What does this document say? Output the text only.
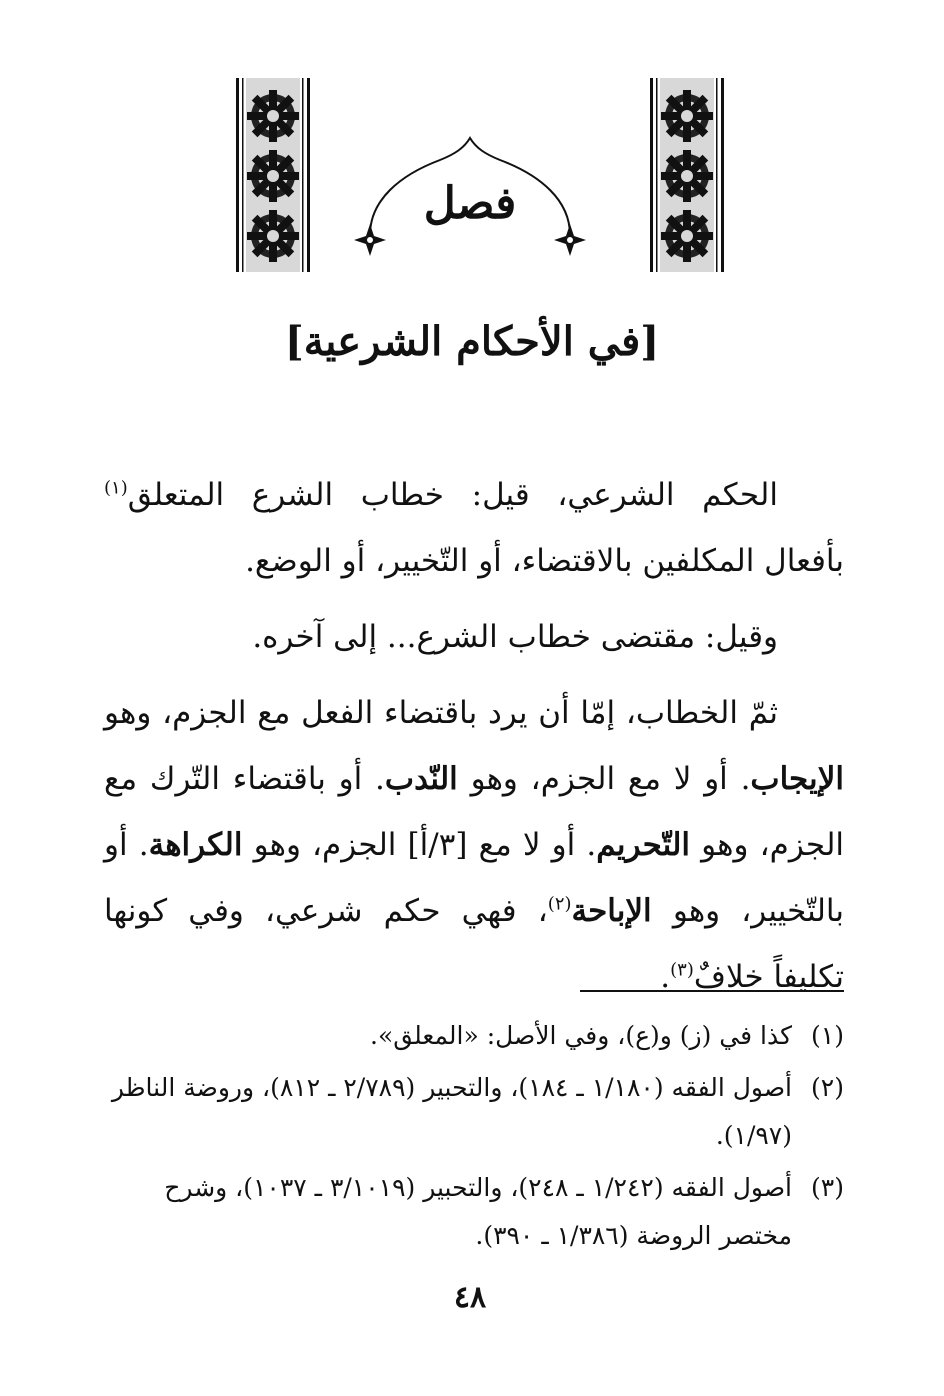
فصل
[في الأحكام الشرعية]

الحكم الشرعي، قيل: خطاب الشرع المتعلق$^{(١)}$ بأفعال المكلفين بالاقتضاء، أو التّخيير، أو الوضع.

وقيل: مقتضى خطاب الشرع... إلى آخره.

ثمّ الخطاب، إمّا أن يرد باقتضاء الفعل مع الجزم، وهو الإيجاب. أو لا مع الجزم، وهو النّدب. أو باقتضاء التّرك مع الجزم، وهو التّحريم. أو لا مع [٣/أ] الجزم، وهو الكراهة. أو بالتّخيير، وهو الإباحة$^{(٢)}$، فهي حكم شرعي، وفي كونها تكليفاً خلافٌ$^{(٣)}$.

(١)كذا في (ز) و(ع)، وفي الأصل: «المعلق».
(٢)أصول الفقه (١/١٨٠ ـ ١٨٤)، والتحبير (٢/٧٨٩ ـ ٨١٢)، وروضة الناظر (١/٩٧).
(٣)أصول الفقه (١/٢٤٢ ـ ٢٤٨)، والتحبير (٣/١٠١٩ ـ ١٠٣٧)، وشرح مختصر الروضة (١/٣٨٦ ـ ٣٩٠).
٤٨
